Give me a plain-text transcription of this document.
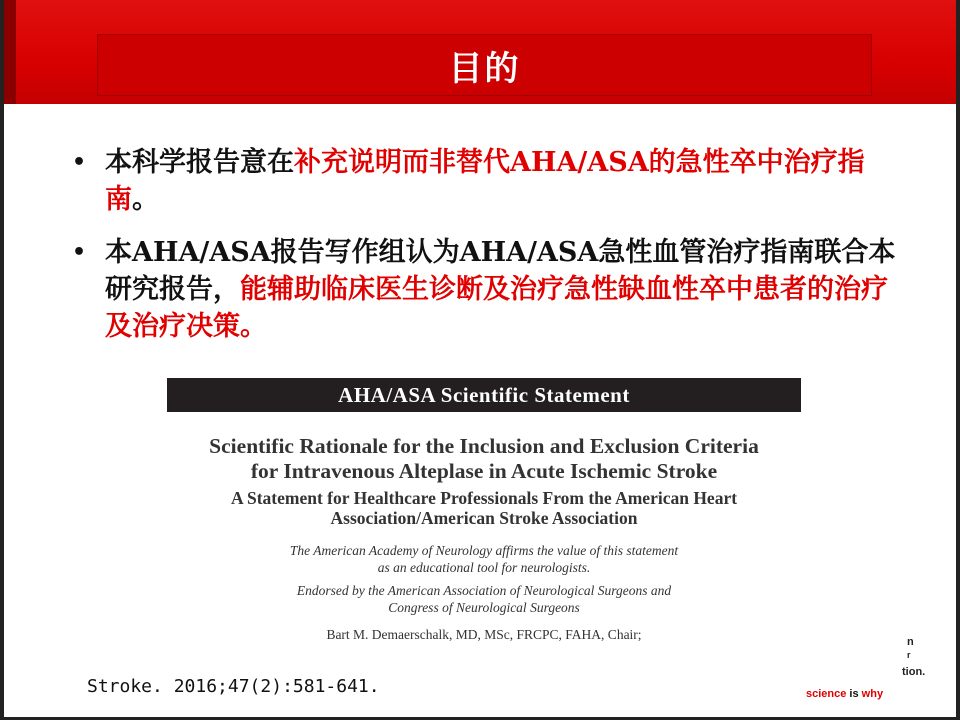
目的
• 本科学报告意在补充说明而非替代AHA/ASA的急性卒中治疗指南。
• 本AHA/ASA报告写作组认为AHA/ASA急性血管治疗指南联合本研究报告，能辅助临床医生诊断及治疗急性缺血性卒中患者的治疗及治疗决策。
AHA/ASA Scientific Statement
Scientific Rationale for the Inclusion and Exclusion Criteria
for Intravenous Alteplase in Acute Ischemic Stroke
A Statement for Healthcare Professionals From the American Heart
Association/American Stroke Association
The American Academy of Neurology affirms the value of this statement
as an educational tool for neurologists.
Endorsed by the American Association of Neurological Surgeons and
Congress of Neurological Surgeons
Bart M. Demaerschalk, MD, MSc, FRCPC, FAHA, Chair;
Stroke. 2016;47(2):581-641.
n
r
tion.
science is why
